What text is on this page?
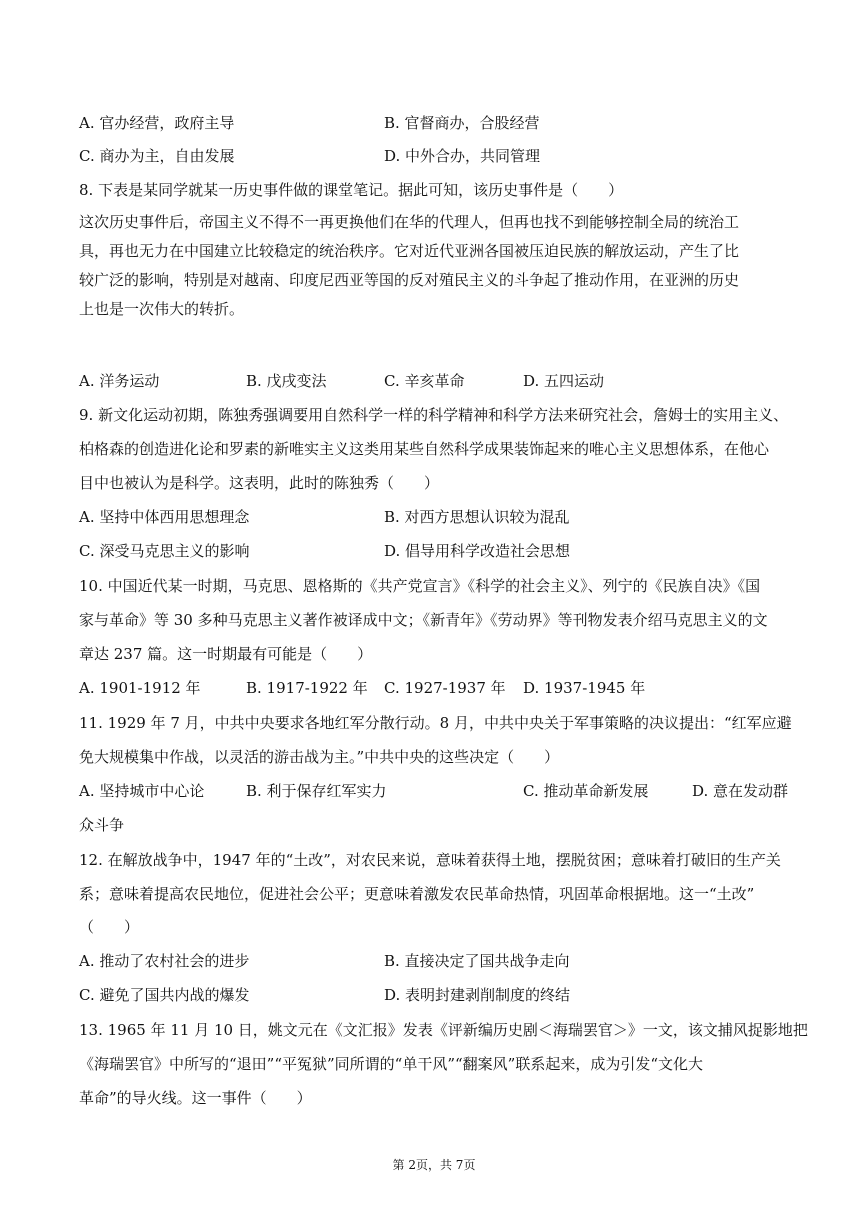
A. 官办经营，政府主导	B. 官督商办，合股经营
C. 商办为主，自由发展	D. 中外合办，共同管理
8. 下表是某同学就某一历史事件做的课堂笔记。据此可知，该历史事件是（　　）
这次历史事件后，帝国主义不得不一再更换他们在华的代理人，但再也找不到能够控制全局的统治工
具，再也无力在中国建立比较稳定的统治秩序。它对近代亚洲各国被压迫民族的解放运动，产生了比
较广泛的影响，特别是对越南、印度尼西亚等国的反对殖民主义的斗争起了推动作用，在亚洲的历史
上也是一次伟大的转折。
A. 洋务运动	B. 戊戌变法	C. 辛亥革命	D. 五四运动
9. 新文化运动初期，陈独秀强调要用自然科学一样的科学精神和科学方法来研究社会，詹姆士的实用主义、
柏格森的创造进化论和罗素的新唯实主义这类用某些自然科学成果装饰起来的唯心主义思想体系，在他心
目中也被认为是科学。这表明，此时的陈独秀（　　）
A. 坚持中体西用思想理念	B. 对西方思想认识较为混乱
C. 深受马克思主义的影响	D. 倡导用科学改造社会思想
10. 中国近代某一时期，马克思、恩格斯的《共产党宣言》《科学的社会主义》、列宁的《民族自决》《国
家与革命》等 30 多种马克思主义著作被译成中文；《新青年》《劳动界》等刊物发表介绍马克思主义的文
章达 237 篇。这一时期最有可能是（　　）
A. 1901-1912 年	B. 1917-1922 年 C. 1927-1937 年 D. 1937-1945 年
11. 1929 年 7 月，中共中央要求各地红军分散行动。8 月，中共中央关于军事策略的决议提出：“红军应避
免大规模集中作战，以灵活的游击战为主。”中共中央的这些决定（　　）
A. 坚持城市中心论	B. 利于保存红军实力	C. 推动革命新发展	D. 意在发动群
众斗争
12. 在解放战争中，1947 年的“土改”，对农民来说，意味着获得土地，摆脱贫困；意味着打破旧的生产关
系；意味着提高农民地位，促进社会公平；更意味着激发农民革命热情，巩固革命根据地。这一“土改”
（　　）
A. 推动了农村社会的进步	B. 直接决定了国共战争走向
C. 避免了国共内战的爆发	D. 表明封建剥削制度的终结
13. 1965 年 11 月 10 日，姚文元在《文汇报》发表《评新编历史剧＜海瑞罢官＞》一文，该文捕风捉影地把
《海瑞罢官》中所写的“退田”“平冤狱”同所谓的“单干风”“翻案风”联系起来，成为引发“文化大
革命”的导火线。这一事件（　　）
第 2页，共 7页
